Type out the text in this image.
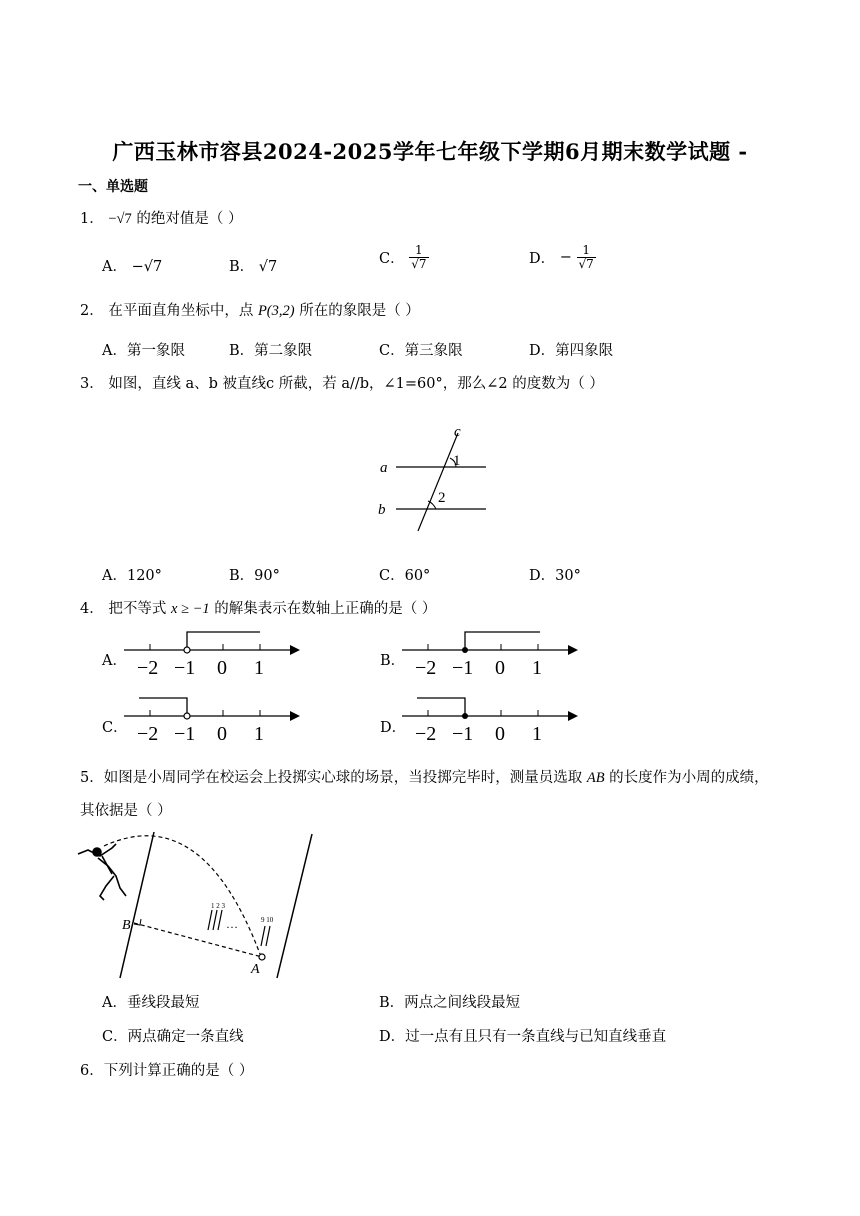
广西玉林市容县2024-2025学年七年级下学期6月期末数学试题 -
一、单选题
1． −√7 的绝对值是（ ）
A． −√7	B． √7	C． $\frac{1}{√7}$	D． − $\frac{1}{√7}$
2． 在平面直角坐标中，点 P(3,2) 所在的象限是（ ）
A．第一象限	B．第二象限	C．第三象限	D．第四象限
3． 如图，直线 a、b 被直线c 所截，若 a//b，∠1=60°，那么∠2 的度数为（ ）
c
a
b
1
2
A．120°	B．90°	C．60°	D．30°
4． 把不等式 x ≥ −1 的解集表示在数轴上正确的是（ ）
A． −2 −1 0 1	B． −2 −1 0 1
C． −2 −1 0 1	D． −2 −1 0 1
5．如图是小周同学在校运会上投掷实心球的场景，当投掷完毕时，测量员选取 AB 的长度作为小周的成绩，
其依据是（ ）
1 2 3
…	9 10
B
A
A．垂线段最短	B．两点之间线段最短
C．两点确定一条直线	D．过一点有且只有一条直线与已知直线垂直
6．下列计算正确的是（ ）
